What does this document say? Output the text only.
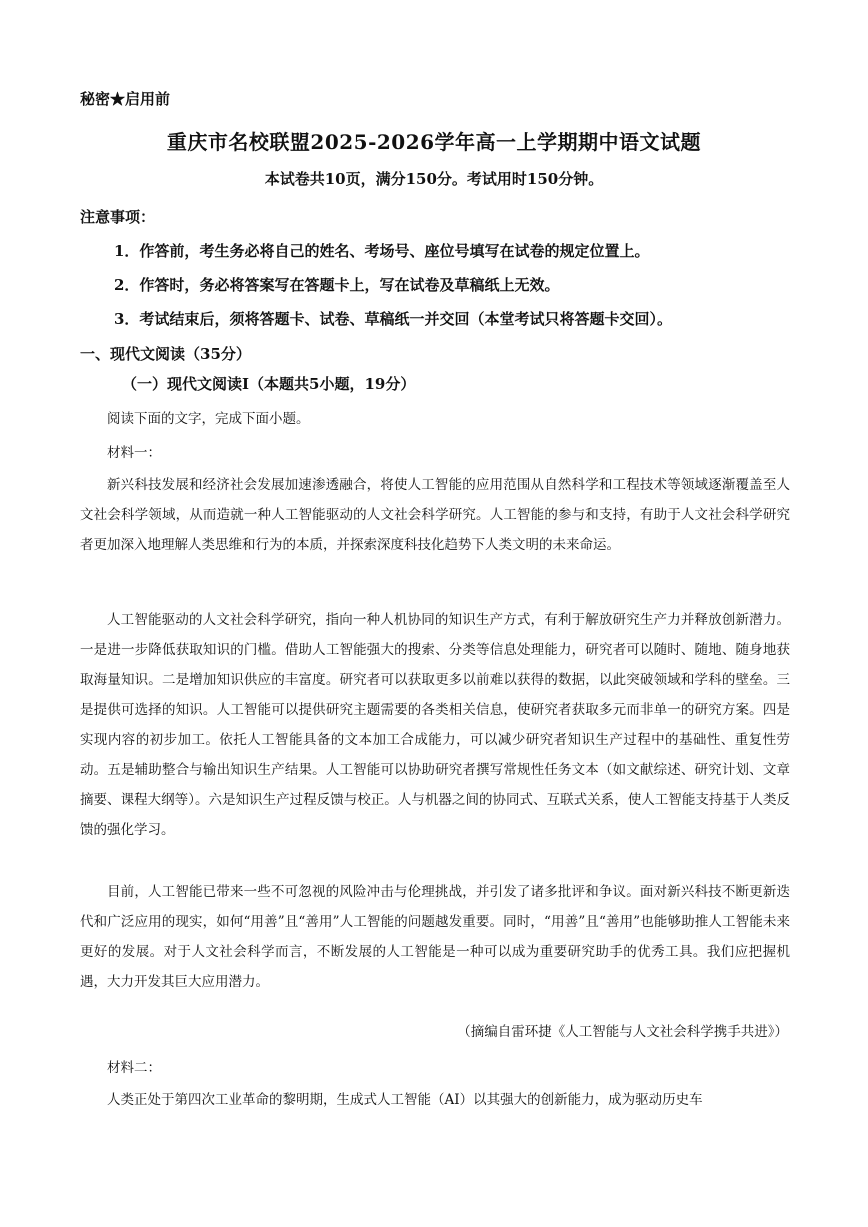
秘密★启用前
重庆市名校联盟2025-2026学年高一上学期期中语文试题
本试卷共10页，满分150分。考试用时150分钟。
注意事项：
1．作答前，考生务必将自己的姓名、考场号、座位号填写在试卷的规定位置上。
2．作答时，务必将答案写在答题卡上，写在试卷及草稿纸上无效。
3．考试结束后，须将答题卡、试卷、草稿纸一并交回（本堂考试只将答题卡交回）。
一、现代文阅读（35分）
（一）现代文阅读Ⅰ（本题共5小题，19分）
阅读下面的文字，完成下面小题。
材料一：
新兴科技发展和经济社会发展加速渗透融合，将使人工智能的应用范围从自然科学和工程技术等领域逐渐覆盖至人文社会科学领域，从而造就一种人工智能驱动的人文社会科学研究。人工智能的参与和支持，有助于人文社会科学研究者更加深入地理解人类思维和行为的本质，并探索深度科技化趋势下人类文明的未来命运。
人工智能驱动的人文社会科学研究，指向一种人机协同的知识生产方式，有利于解放研究生产力并释放创新潜力。一是进一步降低获取知识的门槛。借助人工智能强大的搜索、分类等信息处理能力，研究者可以随时、随地、随身地获取海量知识。二是增加知识供应的丰富度。研究者可以获取更多以前难以获得的数据，以此突破领域和学科的壁垒。三是提供可选择的知识。人工智能可以提供研究主题需要的各类相关信息，使研究者获取多元而非单一的研究方案。四是实现内容的初步加工。依托人工智能具备的文本加工合成能力，可以减少研究者知识生产过程中的基础性、重复性劳动。五是辅助整合与输出知识生产结果。人工智能可以协助研究者撰写常规性任务文本（如文献综述、研究计划、文章摘要、课程大纲等）。六是知识生产过程反馈与校正。人与机器之间的协同式、互联式关系，使人工智能支持基于人类反馈的强化学习。
目前，人工智能已带来一些不可忽视的风险冲击与伦理挑战，并引发了诸多批评和争议。面对新兴科技不断更新迭代和广泛应用的现实，如何“用善”且“善用”人工智能的问题越发重要。同时，“用善”且“善用”也能够助推人工智能未来更好的发展。对于人文社会科学而言，不断发展的人工智能是一种可以成为重要研究助手的优秀工具。我们应把握机遇，大力开发其巨大应用潜力。
（摘编自雷环捷《人工智能与人文社会科学携手共进》）
材料二：
人类正处于第四次工业革命的黎明期，生成式人工智能（AI）以其强大的创新能力，成为驱动历史车
